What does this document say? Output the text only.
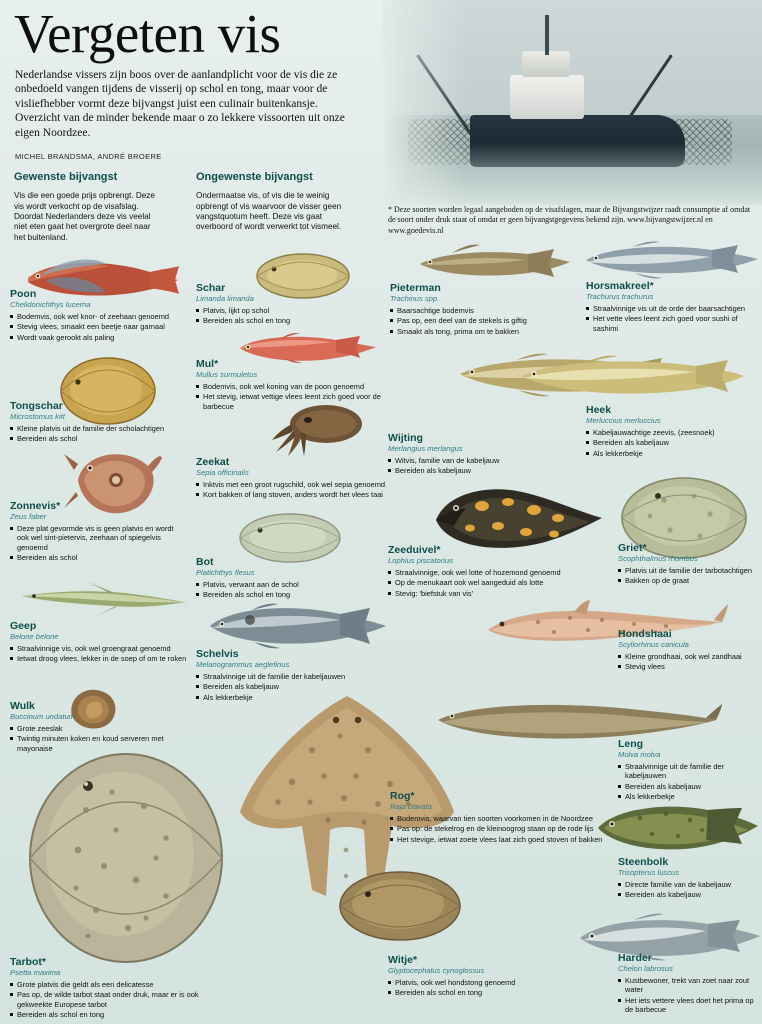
Vergeten vis
Nederlandse vissers zijn boos over de aanlandplicht voor de vis die ze onbedoeld vangen tijdens de visserij op schol en tong, maar voor de visliefhebber vormt deze bijvangst juist een culinair buitenkansje. Overzicht van de minder bekende maar o zo lekkere vissoorten uit onze eigen Noordzee.
MICHEL BRANDSMA, ANDRÉ BROERE

Gewenste bijvangst

Vis die een goede prijs opbrengt. Deze vis wordt verkocht op de visafslag. Doordat Nederlanders deze vis veelal niet eten gaat het overgrote deel naar het buitenland.

Ongewenste bijvangst

Ondermaatse vis, of vis die te weinig opbrengt of vis waarvoor de visser geen vangstquotum heeft. Deze vis gaat overboord of wordt verwerkt tot vismeel.

* Deze soorten worden legaal aangeboden op de visafslagen, maar de Bijvangstwijzer raadt consumptie af omdat de soort onder druk staat of omdat er geen bijvangstgegevens bekend zijn. www.bijvangstwijzer.nl en www.goedevis.nl

Poon

Chelidonichthys lucerna

Bodemvis, ook wel knor- of zeehaan genoemd
Stevig vlees, smaakt een beetje naar garnaal
Wordt vaak gerookt als paling

Tongschar

Microstomus kitt

Kleine platvis uit de familie der scholachtigen
Bereiden als schol

Zonnevis*

Zeus faber

Deze plat gevormde vis is geen platvis en wordt ook wel sint-pietervis, zeehaan of spiegelvis genoemd
Bereiden als schol

Geep

Belone belone

Straalvinnige vis, ook wel groengraat genoemd
Ietwat droog vlees, lekker in de soep of om te roken

Wulk

Buccinum undatum

Grote zeeslak
Twintig minuten koken en koud serveren met mayonaise

Tarbot*

Psetta maxima

Grote platvis die geldt als een delicatesse
Pas op, de wilde tarbot staat onder druk, maar er is ook gekweekte Europese tarbot
Bereiden als schol en tong

Schar

Limanda limanda

Platvis, lijkt op schol
Bereiden als schol en tong

Mul*

Mullus surmuletus

Bodemvis, ook wel koning van de poon genoemd
Het stevig, ietwat vettige vlees leent zich goed voor de barbecue

Zeekat

Sepia officinalis

Inktvis met een groot rugschild, ook wel sepia genoemd
Kort bakken of lang stoven, anders wordt het vlees taai

Bot

Platichthys flesus

Platvis, verwant aan de schol
Bereiden als schol en tong

Schelvis

Melanogrammus aeglefinus

Straalvinnige uit de familie der kabeljauwen
Bereiden als kabeljauw
Als lekkerbekje

Rog*

Raja clavata

Bodemvis, waarvan tien soorten voorkomen in de Noordzee
Pas op: de stekelrog en de kleinoogrog staan op de rode lijs
Het stevige, ietwat zoete vlees laat zich goed stoven of bakken

Witje*

Glyptocephalus cynoglossus

Platvis, ook wel hondstong genoemd
Bereiden als schol en tong

Pieterman

Trachinus spp.

Baarsachtige bodemvis
Pas op, een deel van de stekels is giftig
Smaakt als tong, prima om te bakken

Wijting

Merlangius merlangus

Witvis, familie van de kabeljauw
Bereiden als kabeljauw

Zeeduivel*

Lophius piscatorius

Straalvinnige, ook wel lotte of hozemond genoemd
Op de menukaart ook wel aangeduid als lotte
Stevig: 'biefstuk van vis'

Horsmakreel*

Trachurus trachurus

Straalvinnige vis uit de orde der baarsachtigen
Het vette vlees leent zich goed voor sushi of sashimi

Heek

Merluccius merluccius

Kabeljauwachtige zeevis, (zeesnoek)
Bereiden als kabeljauw
Als lekkerbekje

Griet*

Scophthalmus rhombus

Platvis uit de familie der tarbotachtigen
Bakken op de graat

Hondshaai

Scyliorhinus canicula

Kleine grondhaai, ook wel zandhaai
Stevig vlees

Leng

Molva molva

Straalvinnige uit de familie der kabeljauwen
Bereiden als kabeljauw
Als lekkerbekje

Steenbolk

Trisopterus luscus

Directe familie van de kabeljauw
Bereiden als kabeljauw

Harder

Chelon labrosus

Kustbewoner, trekt van zoet naar zout water
Het iets vettere vlees doet het prima op de barbecue
